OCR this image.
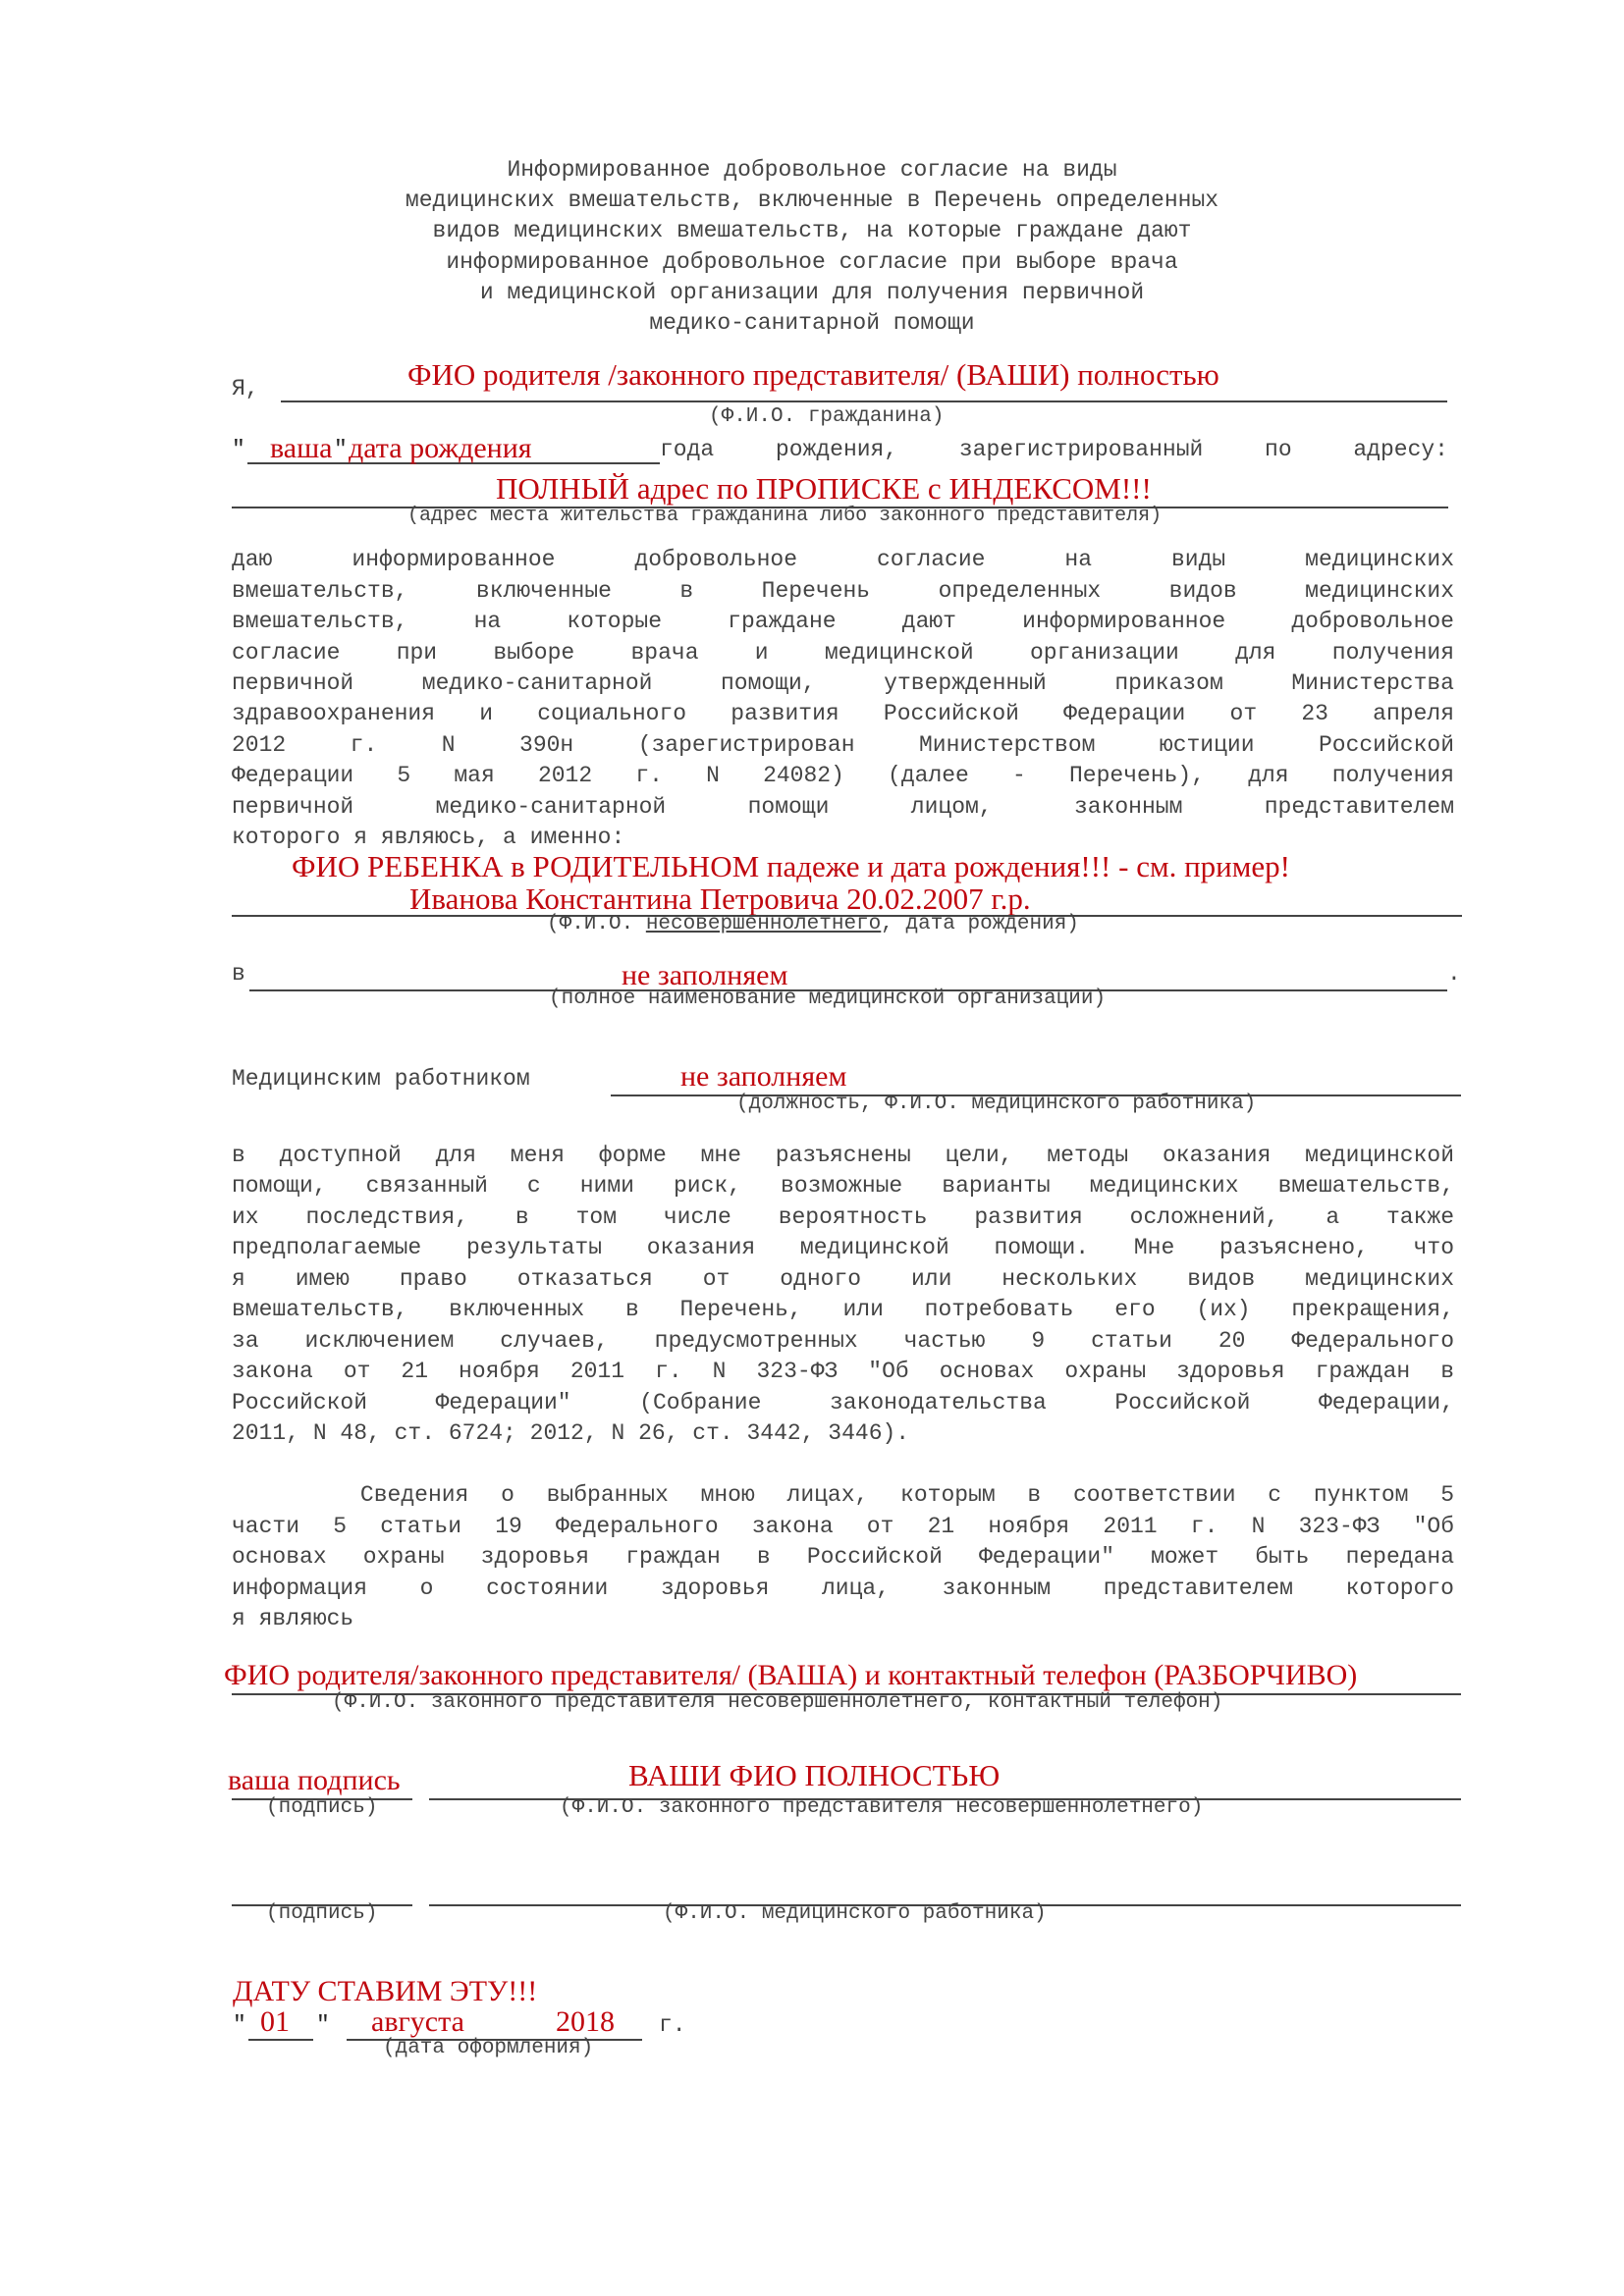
Информированное добровольное согласие на виды
медицинских вмешательств, включенные в Перечень определенных
видов медицинских вмешательств, на которые граждане дают
информированное добровольное согласие при выборе врача
и медицинской организации для получения первичной
медико-санитарной помощи
Я,	ФИО родителя /законного представителя/ (ВАШИ) полностью
(Ф.И.О. гражданина)
" ваша " дата рождения	года рождения, зарегистрированный по адресу:
ПОЛНЫЙ адрес по ПРОПИСКЕ с ИНДЕКСОМ!!!
(адрес места жительства гражданина либо законного представителя)
даю информированное добровольное согласие на виды медицинских
вмешательств, включенные в Перечень определенных видов медицинских
вмешательств, на которые граждане дают информированное добровольное
согласие при выборе врача и медицинской организации для получения
первичной медико-санитарной помощи, утвержденный приказом Министерства
здравоохранения и социального развития Российской Федерации от 23 апреля
2012 г. N 390н (зарегистрирован Министерством юстиции Российской
Федерации 5 мая 2012 г. N 24082) (далее - Перечень), для получения
первичной медико-санитарной помощи лицом, законным представителем
которого я являюсь, а именно:
ФИО РЕБЕНКА в РОДИТЕЛЬНОМ падеже и дата рождения!!! - см. пример!
Иванова Константина Петровича 20.02.2007 г.р.
(Ф.И.О. несовершеннолетнего, дата рождения)
в	не заполняем	.
(полное наименование медицинской организации)
Медицинским работником	не заполняем
(должность, Ф.И.О. медицинского работника)
в доступной для меня форме мне разъяснены цели, методы оказания медицинской
помощи, связанный с ними риск, возможные варианты медицинских вмешательств,
их последствия, в том числе вероятность развития осложнений, а также
предполагаемые результаты оказания медицинской помощи. Мне разъяснено, что
я имею право отказаться от одного или нескольких видов медицинских
вмешательств, включенных в Перечень, или потребовать его (их) прекращения,
за исключением случаев, предусмотренных частью 9 статьи 20 Федерального
закона от 21 ноября 2011 г. N 323-ФЗ "Об основах охраны здоровья граждан в
Российской Федерации" (Собрание законодательства Российской Федерации,
2011, N 48, ст. 6724; 2012, N 26, ст. 3442, 3446).
Сведения о выбранных мною лицах, которым в соответствии с пунктом 5
части 5 статьи 19 Федерального закона от 21 ноября 2011 г. N 323-ФЗ "Об
основах охраны здоровья граждан в Российской Федерации" может быть передана
информация о состоянии здоровья лица, законным представителем которого
я являюсь
ФИО родителя/законного представителя/ (ВАША) и контактный телефон (РАЗБОРЧИВО)
(Ф.И.О. законного представителя несовершеннолетнего, контактный телефон)
ваша подпись	ВАШИ ФИО ПОЛНОСТЬЮ
(подпись)	(Ф.И.О. законного представителя несовершеннолетнего)
(подпись)	(Ф.И.О. медицинского работника)
ДАТУ СТАВИМ ЭТУ!!!
" 01 " августа	2018 г.
(дата оформления)
